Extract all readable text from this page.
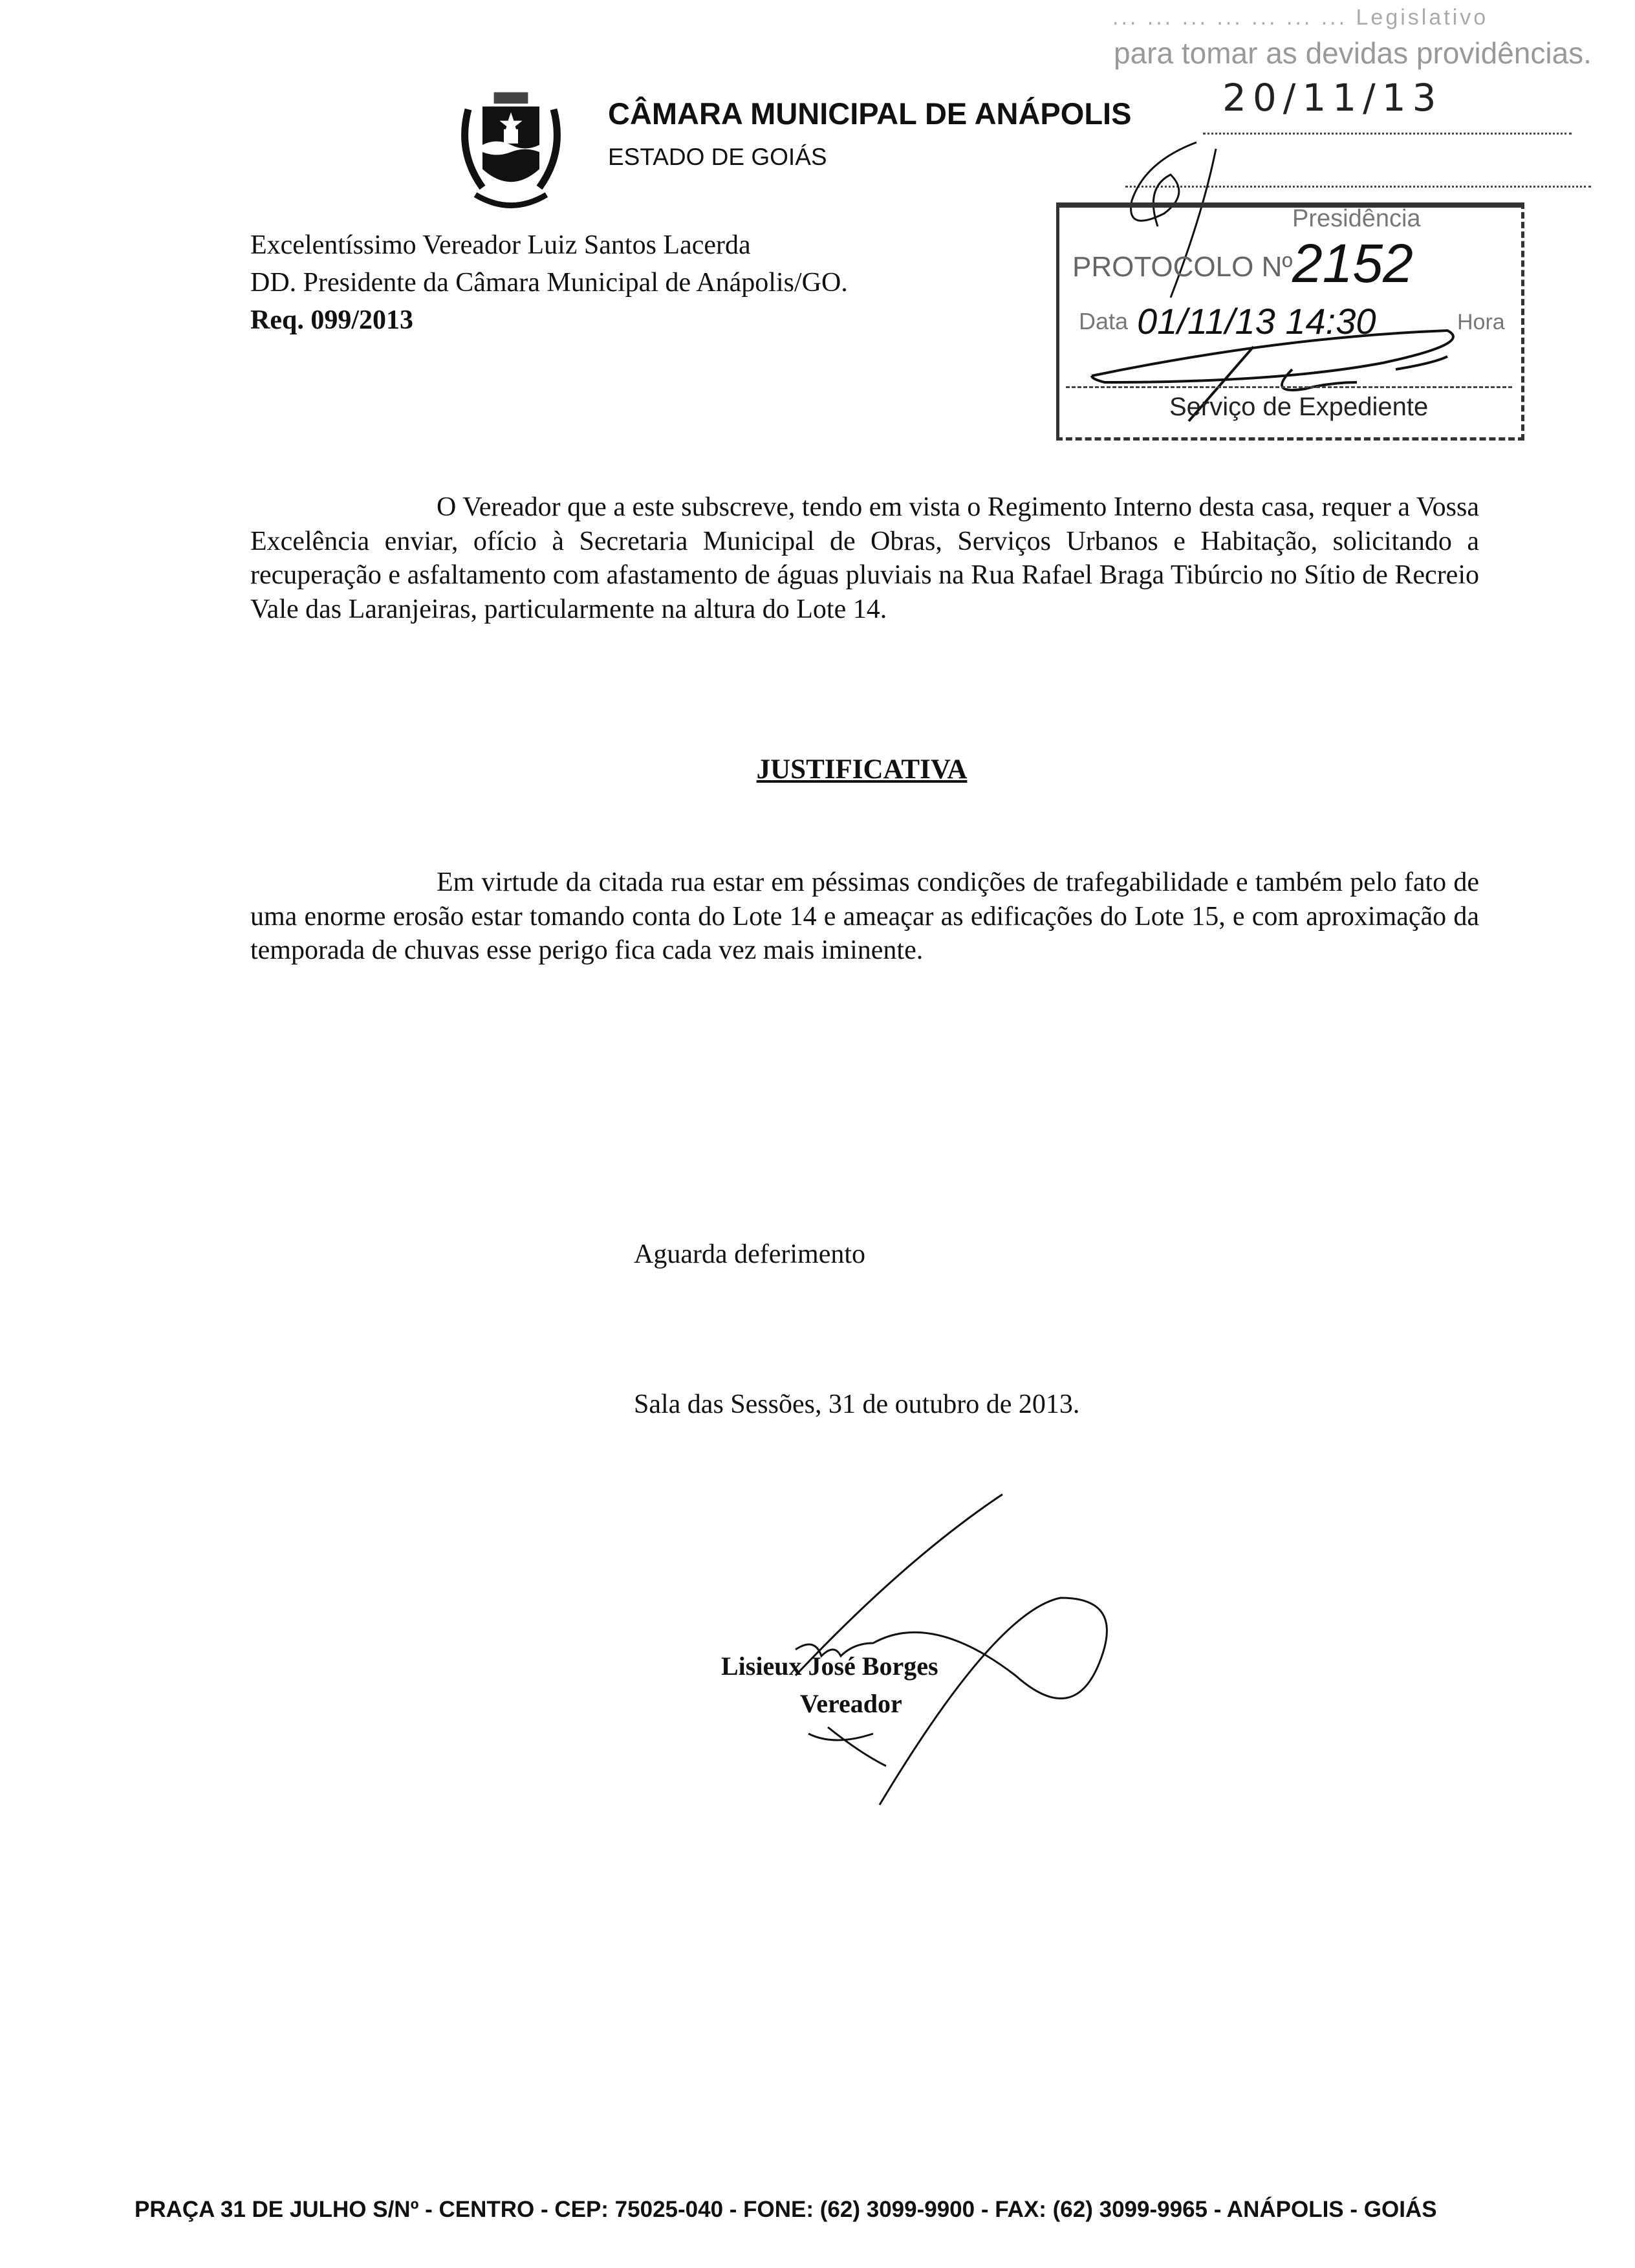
CÂMARA MUNICIPAL DE ANÁPOLIS
ESTADO DE GOIÁS
... ... ... ... ... ... ... Legislativo
para tomar as devidas providências.
20/11/13
Presidência
PROTOCOLO Nº 2152
Data 01/11/13 14:30	Hora
Serviço de Expediente
Excelentíssimo Vereador Luiz Santos Lacerda
DD. Presidente da Câmara Municipal de Anápolis/GO.
Req. 099/2013
O Vereador que a este subscreve, tendo em vista o Regimento Interno desta casa, requer a Vossa Excelência enviar, ofício à Secretaria Municipal de Obras, Serviços Urbanos e Habitação, solicitando a recuperação e asfaltamento com afastamento de águas pluviais na Rua Rafael Braga Tibúrcio no Sítio de Recreio Vale das Laranjeiras, particularmente na altura do Lote 14.
JUSTIFICATIVA
Em virtude da citada rua estar em péssimas condições de trafegabilidade e também pelo fato de uma enorme erosão estar tomando conta do Lote 14 e ameaçar as edificações do Lote 15, e com aproximação da temporada de chuvas esse perigo fica cada vez mais iminente.
Aguarda deferimento
Sala das Sessões, 31 de outubro de 2013.
Lisieux José Borges
Vereador
PRAÇA 31 DE JULHO S/Nº - CENTRO - CEP: 75025-040 - FONE: (62) 3099-9900 - FAX: (62) 3099-9965 - ANÁPOLIS - GOIÁS
